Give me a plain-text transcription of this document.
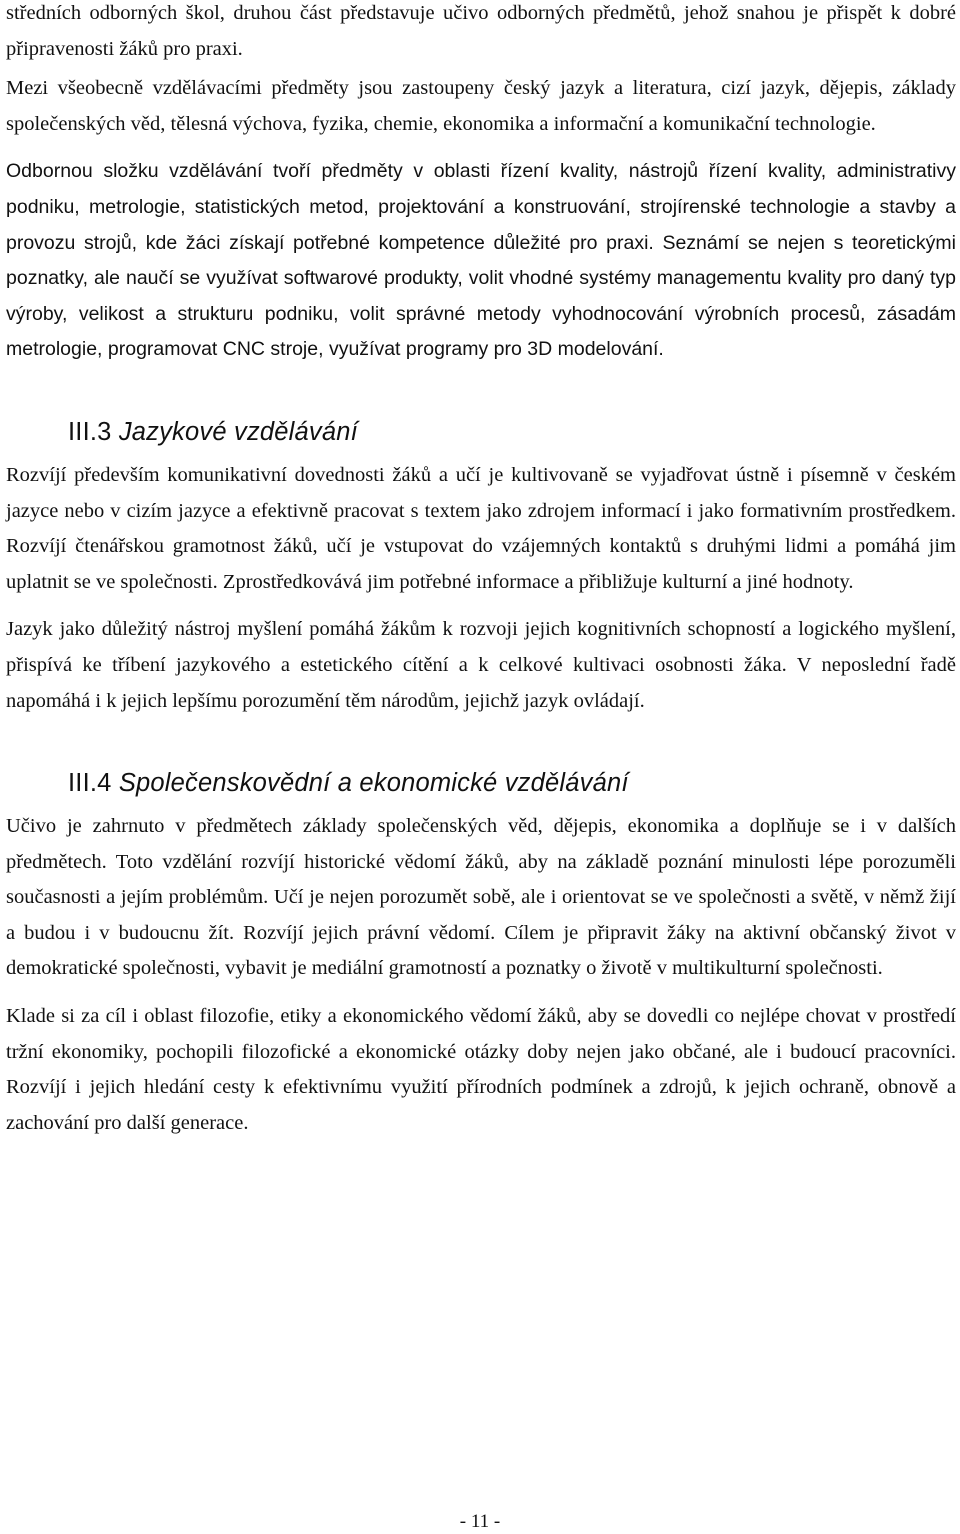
středních odborných škol, druhou část představuje učivo odborných předmětů, jehož snahou je přispět k dobré připravenosti žáků pro praxi.

Mezi všeobecně vzdělávacími předměty jsou zastoupeny český jazyk a literatura, cizí jazyk, dějepis, základy společenských věd, tělesná výchova, fyzika, chemie, ekonomika a informační a komunikační technologie.

Odbornou složku vzdělávání tvoří předměty v oblasti řízení kvality, nástrojů řízení kvality, administrativy podniku, metrologie, statistických metod, projektování a konstruování, strojírenské technologie a stavby a provozu strojů, kde žáci získají potřebné kompetence důležité pro praxi. Seznámí se nejen s teoretickými poznatky, ale naučí se využívat softwarové produkty, volit vhodné systémy managementu kvality pro daný typ výroby, velikost a strukturu podniku, volit správné metody vyhodnocování výrobních procesů, zásadám metrologie, programovat CNC stroje, využívat programy pro 3D modelování.

III.3 Jazykové vzdělávání

Rozvíjí především komunikativní dovednosti žáků a učí je kultivovaně se vyjadřovat ústně i písemně v českém jazyce nebo v cizím jazyce a efektivně pracovat s textem jako zdrojem informací i jako formativním prostředkem. Rozvíjí čtenářskou gramotnost žáků, učí je vstupovat do vzájemných kontaktů s druhými lidmi a pomáhá jim uplatnit se ve společnosti. Zprostředkovává jim potřebné informace a přibližuje kulturní a jiné hodnoty.

Jazyk jako důležitý nástroj myšlení pomáhá žákům k rozvoji jejich kognitivních schopností a logického myšlení, přispívá ke tříbení jazykového a estetického cítění a k celkové kultivaci osobnosti žáka. V neposlední řadě napomáhá i k jejich lepšímu porozumění těm národům, jejichž jazyk ovládají.

III.4 Společenskovědní a ekonomické vzdělávání

Učivo je zahrnuto v předmětech základy společenských věd, dějepis, ekonomika a doplňuje se i v dalších předmětech. Toto vzdělání rozvíjí historické vědomí žáků, aby na základě poznání minulosti lépe porozuměli současnosti a jejím problémům. Učí je nejen porozumět sobě, ale i orientovat se ve společnosti a světě, v němž žijí a budou i v budoucnu žít. Rozvíjí jejich právní vědomí. Cílem je připravit žáky na aktivní občanský život v demokratické společnosti, vybavit je mediální gramotností a poznatky o životě v multikulturní společnosti.

Klade si za cíl i oblast filozofie, etiky a ekonomického vědomí žáků, aby se dovedli co nejlépe chovat v prostředí tržní ekonomiky, pochopili filozofické a ekonomické otázky doby nejen jako občané, ale i budoucí pracovníci. Rozvíjí i jejich hledání cesty k efektivnímu využití přírodních podmínek a zdrojů, k jejich ochraně, obnově a zachování pro další generace.

- 11 -
